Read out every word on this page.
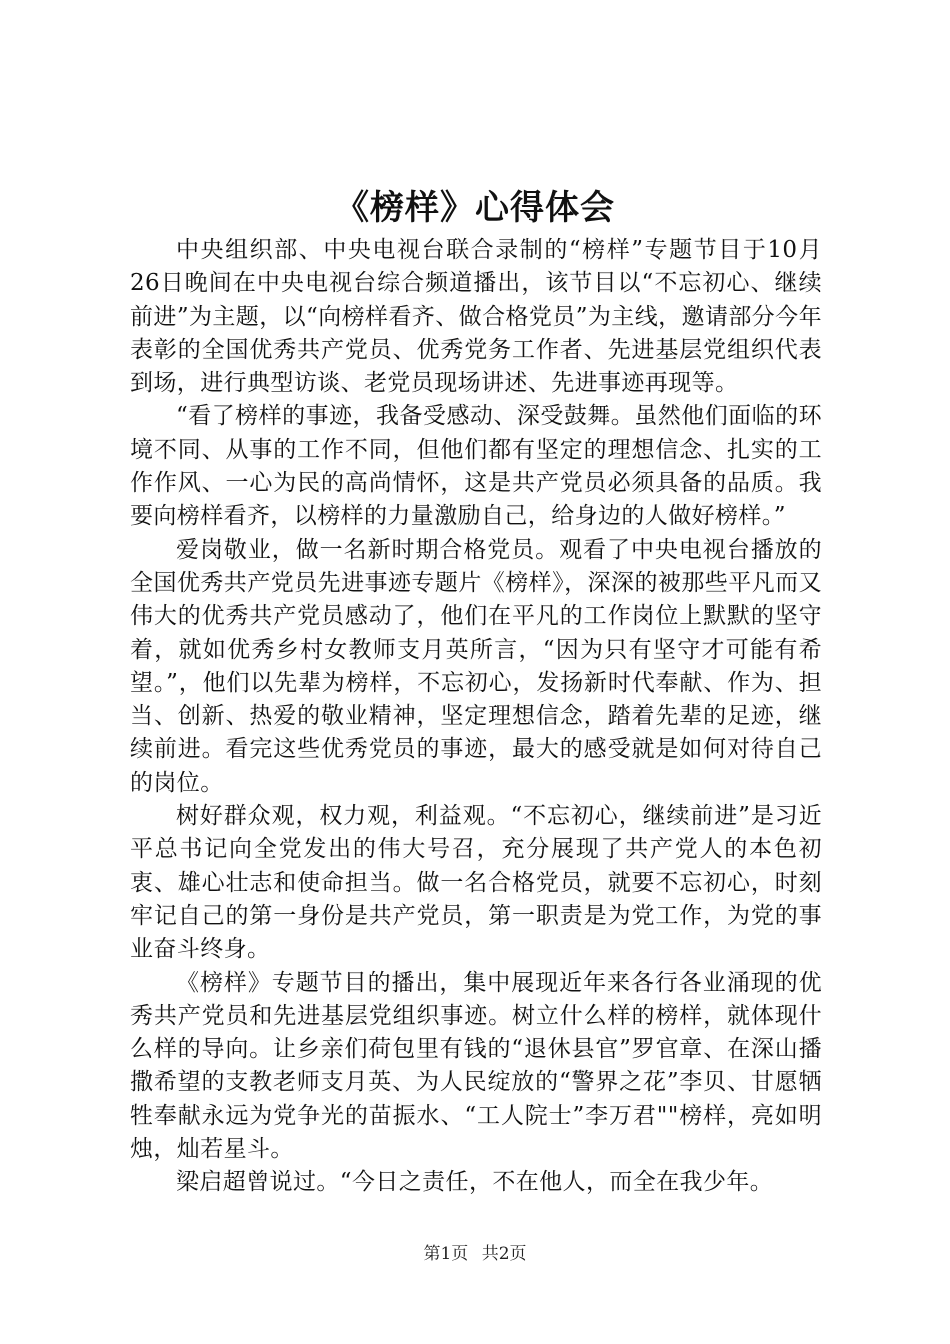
《榜样》心得体会

中央组织部、中央电视台联合录制的“榜样”专题节目于10月26日晚间在中央电视台综合频道播出，该节目以“不忘初心、继续前进”为主题，以“向榜样看齐、做合格党员”为主线，邀请部分今年表彰的全国优秀共产党员、优秀党务工作者、先进基层党组织代表到场，进行典型访谈、老党员现场讲述、先进事迹再现等。

“看了榜样的事迹，我备受感动、深受鼓舞。虽然他们面临的环境不同、从事的工作不同，但他们都有坚定的理想信念、扎实的工作作风、一心为民的高尚情怀，这是共产党员必须具备的品质。我要向榜样看齐，以榜样的力量激励自己，给身边的人做好榜样。”

爱岗敬业，做一名新时期合格党员。观看了中央电视台播放的全国优秀共产党员先进事迹专题片《榜样》，深深的被那些平凡而又伟大的优秀共产党员感动了，他们在平凡的工作岗位上默默的坚守着，就如优秀乡村女教师支月英所言，“因为只有坚守才可能有希望。”，他们以先辈为榜样，不忘初心，发扬新时代奉献、作为、担当、创新、热爱的敬业精神，坚定理想信念，踏着先辈的足迹，继续前进。看完这些优秀党员的事迹，最大的感受就是如何对待自己的岗位。

树好群众观，权力观，利益观。“不忘初心，继续前进”是习近平总书记向全党发出的伟大号召，充分展现了共产党人的本色初衷、雄心壮志和使命担当。做一名合格党员，就要不忘初心，时刻牢记自己的第一身份是共产党员，第一职责是为党工作，为党的事业奋斗终身。

《榜样》专题节目的播出，集中展现近年来各行各业涌现的优秀共产党员和先进基层党组织事迹。树立什么样的榜样，就体现什么样的导向。让乡亲们荷包里有钱的“退休县官”罗官章、在深山播撒希望的支教老师支月英、为人民绽放的“警界之花”李贝、甘愿牺牲奉献永远为党争光的苗振水、“工人院士”李万君""榜样，亮如明烛，灿若星斗。

梁启超曾说过。“今日之责任，不在他人，而全在我少年。

第1页 共2页
